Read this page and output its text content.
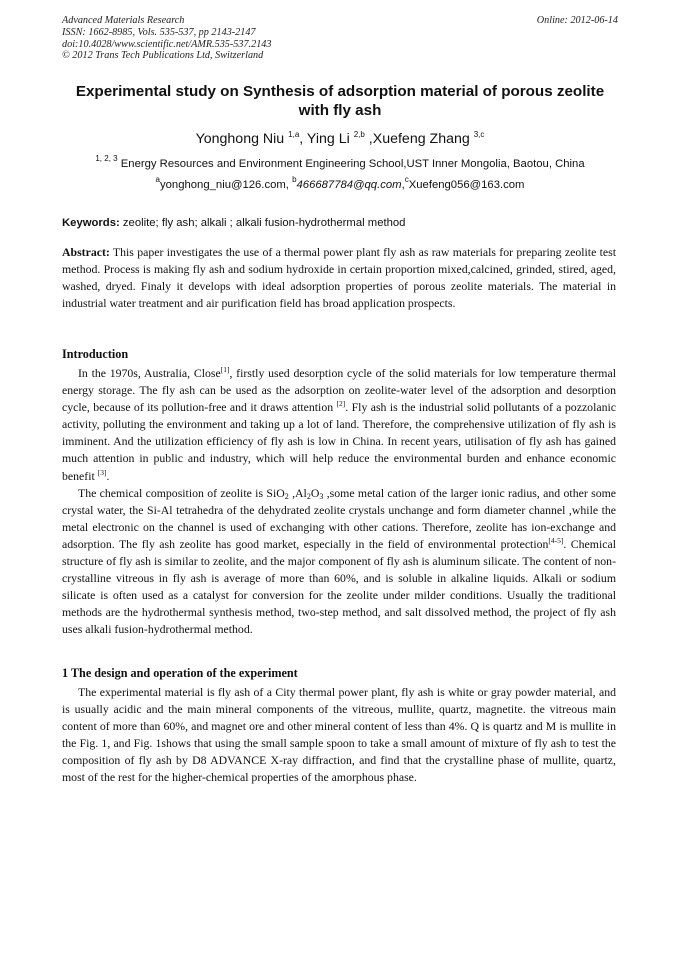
Advanced Materials Research
ISSN: 1662-8985, Vols. 535-537, pp 2143-2147
doi:10.4028/www.scientific.net/AMR.535-537.2143
© 2012 Trans Tech Publications Ltd, Switzerland
Online: 2012-06-14
Experimental study on Synthesis of adsorption material of porous zeolite with fly ash
Yonghong Niu $^{1,a}$, Ying Li $^{2,b}$ ,Xuefeng Zhang $^{3,c}$
$^{1, 2, 3}$ Energy Resources and Environment Engineering School,UST Inner Mongolia, Baotou, China
$^a$yonghong_niu@126.com, $^b$466687784@qq.com,$^c$Xuefeng056@163.com
Keywords: zeolite; fly ash; alkali ; alkali fusion-hydrothermal method

Abstract: This paper investigates the use of a thermal power plant fly ash as raw materials for preparing zeolite test method. Process is making fly ash and sodium hydroxide in certain proportion mixed,calcined, grinded, stired, aged, washed, dryed. Finaly it develops with ideal adsorption properties of porous zeolite materials. The material in industrial water treatment and air purification field has broad application prospects.

Introduction

In the 1970s, Australia, Close[1], firstly used desorption cycle of the solid materials for low temperature thermal energy storage. The fly ash can be used as the adsorption on zeolite-water level of the adsorption and desorption cycle, because of its pollution-free and it draws attention [2]. Fly ash is the industrial solid pollutants of a pozzolanic activity, polluting the environment and taking up a lot of land. Therefore, the comprehensive utilization of fly ash is imminent. And the utilization efficiency of fly ash is low in China. In recent years, utilisation of fly ash has gained much attention in public and industry, which will help reduce the environmental burden and enhance economic benefit [3].

The chemical composition of zeolite is SiO$_2$ $,Al_2O_3$ ,some metal cation of the larger ionic radius, and other some crystal water, the Si-Al tetrahedra of the dehydrated zeolite crystals unchange and form diameter channel ,while the metal electronic on the channel is used of exchanging with other cations. Therefore, zeolite has ion-exchange and adsorption. The fly ash zeolite has good market, especially in the field of environmental protection[4-5]. Chemical structure of fly ash is similar to zeolite, and the major component of fly ash is aluminum silicate. The content of non-crystalline vitreous in fly ash is average of more than 60%, and is soluble in alkaline liquids. Alkali or sodium silicate is often used as a catalyst for conversion for the zeolite under milder conditions. Usually the traditional methods are the hydrothermal synthesis method, two-step method, and salt dissolved method, the project of fly ash uses alkali fusion-hydrothermal method.

1 The design and operation of the experiment

The experimental material is fly ash of a City thermal power plant, fly ash is white or gray powder material, and is usually acidic and the main mineral components of the vitreous, mullite, quartz, magnetite. the vitreous main content of more than 60%, and magnet ore and other mineral content of less than 4%. Q is quartz and M is mullite in the Fig. 1, and Fig. 1shows that using the small sample spoon to take a small amount of mixture of fly ash to test the composition of fly ash by D8 ADVANCE X-ray diffraction, and find that the crystalline phase of mullite, quartz, most of the rest for the higher-chemical properties of the amorphous phase.
